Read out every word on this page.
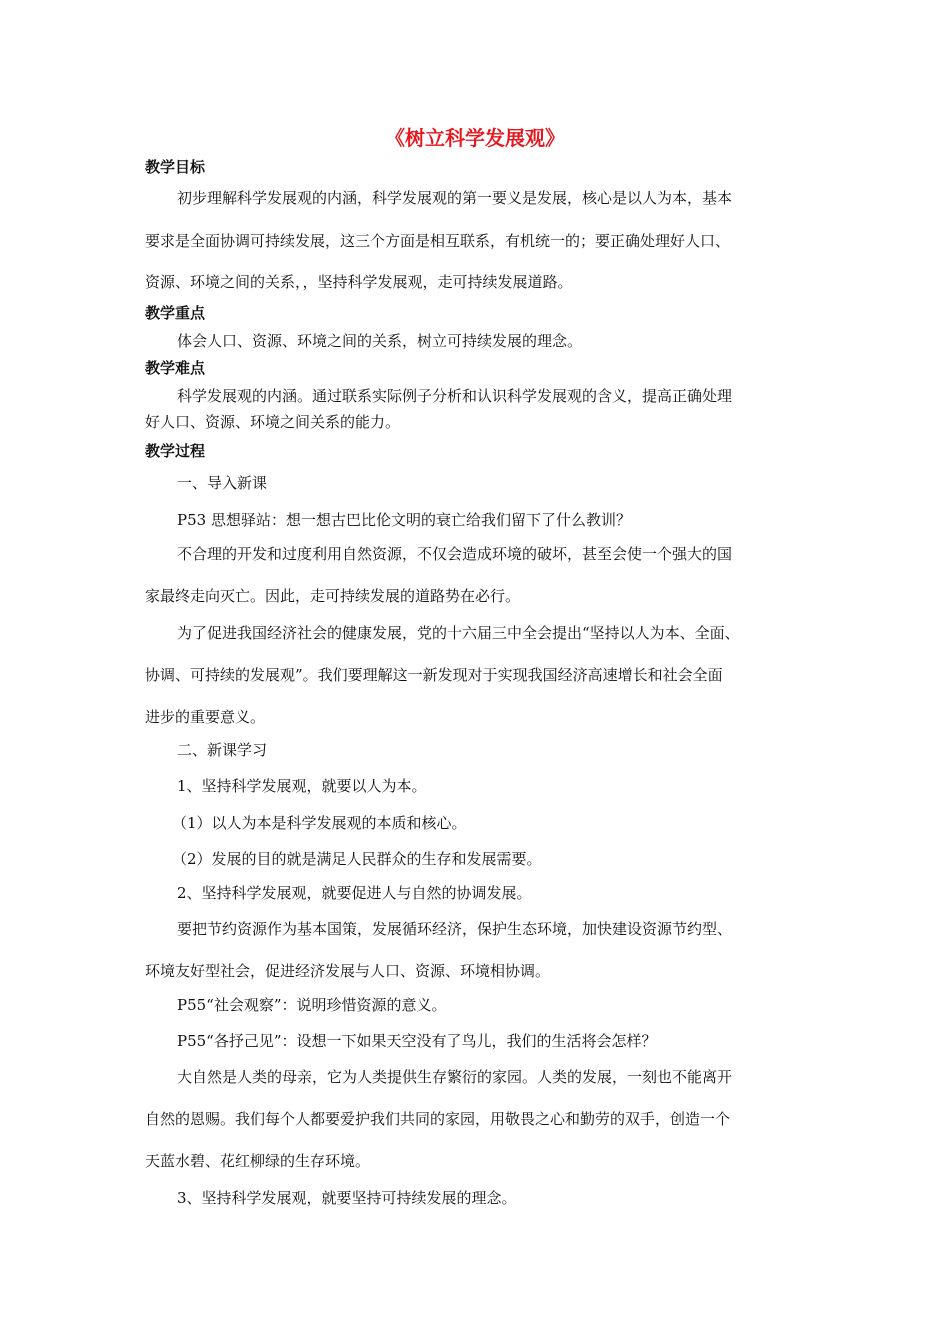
《树立科学发展观》
教学目标
初步理解科学发展观的内涵，科学发展观的第一要义是发展，核心是以人为本，基本
要求是全面协调可持续发展，这三个方面是相互联系，有机统一的；要正确处理好人口、
资源、环境之间的关系，，坚持科学发展观，走可持续发展道路。
教学重点
体会人口、资源、环境之间的关系，树立可持续发展的理念。
教学难点
科学发展观的内涵。通过联系实际例子分析和认识科学发展观的含义，提高正确处理
好人口、资源、环境之间关系的能力。
教学过程
一、导入新课
P53 思想驿站：想一想古巴比伦文明的衰亡给我们留下了什么教训？
不合理的开发和过度利用自然资源，不仅会造成环境的破坏，甚至会使一个强大的国
家最终走向灭亡。因此，走可持续发展的道路势在必行。
为了促进我国经济社会的健康发展，党的十六届三中全会提出“坚持以人为本、全面、
协调、可持续的发展观”。我们要理解这一新发现对于实现我国经济高速增长和社会全面
进步的重要意义。
二、新课学习
1、坚持科学发展观，就要以人为本。
（1）以人为本是科学发展观的本质和核心。
（2）发展的目的就是满足人民群众的生存和发展需要。
2、坚持科学发展观，就要促进人与自然的协调发展。
要把节约资源作为基本国策，发展循环经济，保护生态环境，加快建设资源节约型、
环境友好型社会，促进经济发展与人口、资源、环境相协调。
P55“社会观察”：说明珍惜资源的意义。
P55“各抒己见”：设想一下如果天空没有了鸟儿，我们的生活将会怎样？
大自然是人类的母亲，它为人类提供生存繁衍的家园。人类的发展，一刻也不能离开
自然的恩赐。我们每个人都要爱护我们共同的家园，用敬畏之心和勤劳的双手，创造一个
天蓝水碧、花红柳绿的生存环境。
3、坚持科学发展观，就要坚持可持续发展的理念。
